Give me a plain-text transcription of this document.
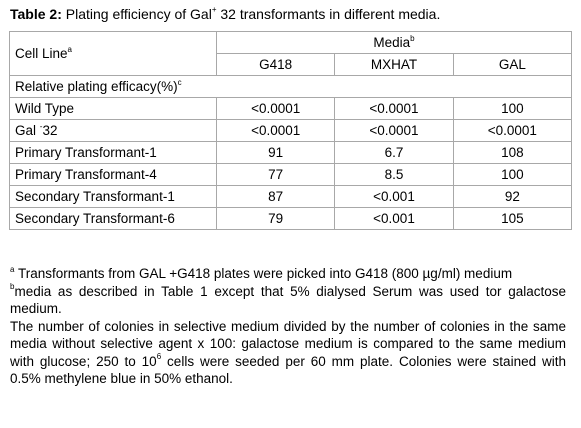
Table 2: Plating efficiency of Gal+ 32 transformants in different media.
Cell Line$^a$	Media$^b$
	G418	MXHAT	GAL
Relative plating efficacy(%)$^c$
Wild Type	<0.0001	<0.0001	100
Gal -32	<0.0001	<0.0001	<0.0001
Primary Transformant-1	91	6.7	108
Primary Transformant-4	77	8.5	100
Secondary Transformant-1	87	<0.001	92
Secondary Transformant-6	79	<0.001	105
$^a$ Transformants from GAL +G418 plates were picked into G418 (800 µg/ml) medium
$^b$media as described in Table 1 except that 5% dialysed Serum was used tor galactose medium.
The number of colonies in selective medium divided by the number of colonies in the same media without selective agent x 100: galactose medium is compared to the same medium with glucose; 250 to $10^6$ cells were seeded per 60 mm plate. Colonies were stained with 0.5% methylene blue in 50% ethanol.
